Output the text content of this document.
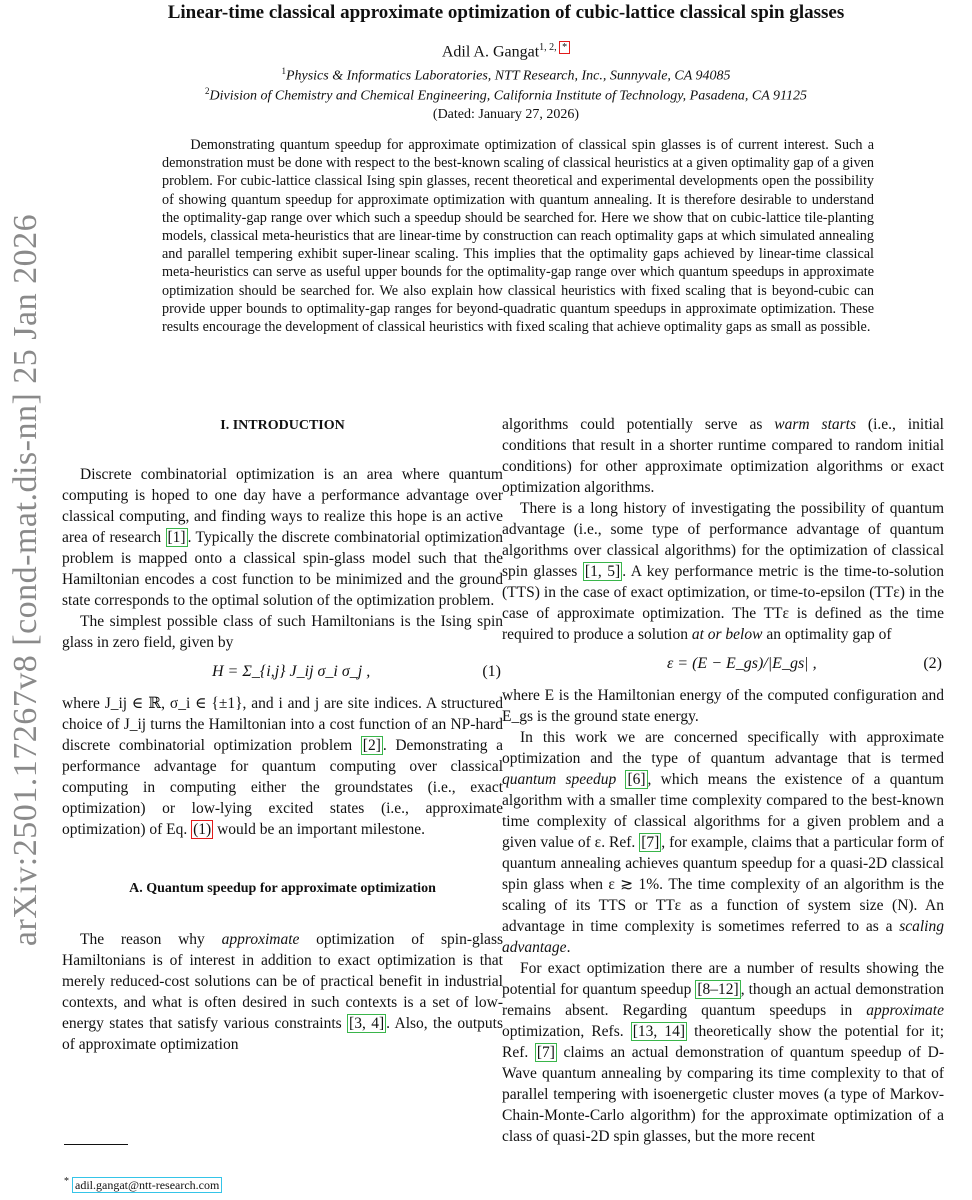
arXiv:2501.17267v8 [cond-mat.dis-nn] 25 Jan 2026
Linear-time classical approximate optimization of cubic-lattice classical spin glasses
Adil A. Gangat$^{1, 2,}$ *
$^1$Physics & Informatics Laboratories, NTT Research, Inc., Sunnyvale, CA 94085
$^2$Division of Chemistry and Chemical Engineering, California Institute of Technology, Pasadena, CA 91125
(Dated: January 27, 2026)

Demonstrating quantum speedup for approximate optimization of classical spin glasses is of current interest. Such a demonstration must be done with respect to the best-known scaling of classical heuristics at a given optimality gap of a given problem. For cubic-lattice classical Ising spin glasses, recent theoretical and experimental developments open the possibility of showing quantum speedup for approximate optimization with quantum annealing. It is therefore desirable to understand the optimality-gap range over which such a speedup should be searched for. Here we show that on cubic-lattice tile-planting models, classical meta-heuristics that are linear-time by construction can reach optimality gaps at which simulated annealing and parallel tempering exhibit super-linear scaling. This implies that the optimality gaps achieved by linear-time classical meta-heuristics can serve as useful upper bounds for the optimality-gap range over which quantum speedups in approximate optimization should be searched for. We also explain how classical heuristics with fixed scaling that is beyond-cubic can provide upper bounds to optimality-gap ranges for beyond-quadratic quantum speedups in approximate optimization. These results encourage the development of classical heuristics with fixed scaling that achieve optimality gaps as small as possible.

I. INTRODUCTION

Discrete combinatorial optimization is an area where quantum computing is hoped to one day have a performance advantage over classical computing, and finding ways to realize this hope is an active area of research [1] . Typically the discrete combinatorial optimization problem is mapped onto a classical spin-glass model such that the Hamiltonian encodes a cost function to be minimized and the ground state corresponds to the optimal solution of the optimization problem.

The simplest possible class of such Hamiltonians is the Ising spin glass in zero field, given by

H = Σ_{i,j} J_ij σ_i σ_j ,	(1)

where J_ij ∈ ℝ, σ_i ∈ {±1}, and i and j are site indices. A structured choice of J_ij turns the Hamiltonian into a cost function of an NP-hard discrete combinatorial optimization problem [2] . Demonstrating a performance advantage for quantum computing over classical computing in computing either the groundstates (i.e., exact optimization) or low-lying excited states (i.e., approximate optimization) of Eq. (1) would be an important milestone.

A. Quantum speedup for approximate optimization

The reason why approximate optimization of spin-glass Hamiltonians is of interest in addition to exact optimization is that merely reduced-cost solutions can be of practical benefit in industrial contexts, and what is often desired in such contexts is a set of low-energy states that satisfy various constraints [3, 4] . Also, the outputs of approximate optimization

algorithms could potentially serve as warm starts (i.e., initial conditions that result in a shorter runtime compared to random initial conditions) for other approximate optimization algorithms or exact optimization algorithms.

There is a long history of investigating the possibility of quantum advantage (i.e., some type of performance advantage of quantum algorithms over classical algorithms) for the optimization of classical spin glasses [1, 5] . A key performance metric is the time-to-solution (TTS) in the case of exact optimization, or time-to-epsilon (TTε) in the case of approximate optimization. The TTε is defined as the time required to produce a solution at or below an optimality gap of

ε = (E − E_gs)/|E_gs| ,	(2)

where E is the Hamiltonian energy of the computed configuration and E_gs is the ground state energy.

In this work we are concerned specifically with approximate optimization and the type of quantum advantage that is termed quantum speedup [6] , which means the existence of a quantum algorithm with a smaller time complexity compared to the best-known time complexity of classical algorithms for a given problem and a given value of ε. Ref. [7] , for example, claims that a particular form of quantum annealing achieves quantum speedup for a quasi-2D classical spin glass when ε ≳ 1%. The time complexity of an algorithm is the scaling of its TTS or TTε as a function of system size (N). An advantage in time complexity is sometimes referred to as a scaling advantage.

For exact optimization there are a number of results showing the potential for quantum speedup [8–12] , though an actual demonstration remains absent. Regarding quantum speedups in approximate optimization, Refs. [13, 14] theoretically show the potential for it; Ref. [7] claims an actual demonstration of quantum speedup of D-Wave quantum annealing by comparing its time complexity to that of parallel tempering with isoenergetic cluster moves (a type of Markov-Chain-Monte-Carlo algorithm) for the approximate optimization of a class of quasi-2D spin glasses, but the more recent

* adil.gangat@ntt-research.com
